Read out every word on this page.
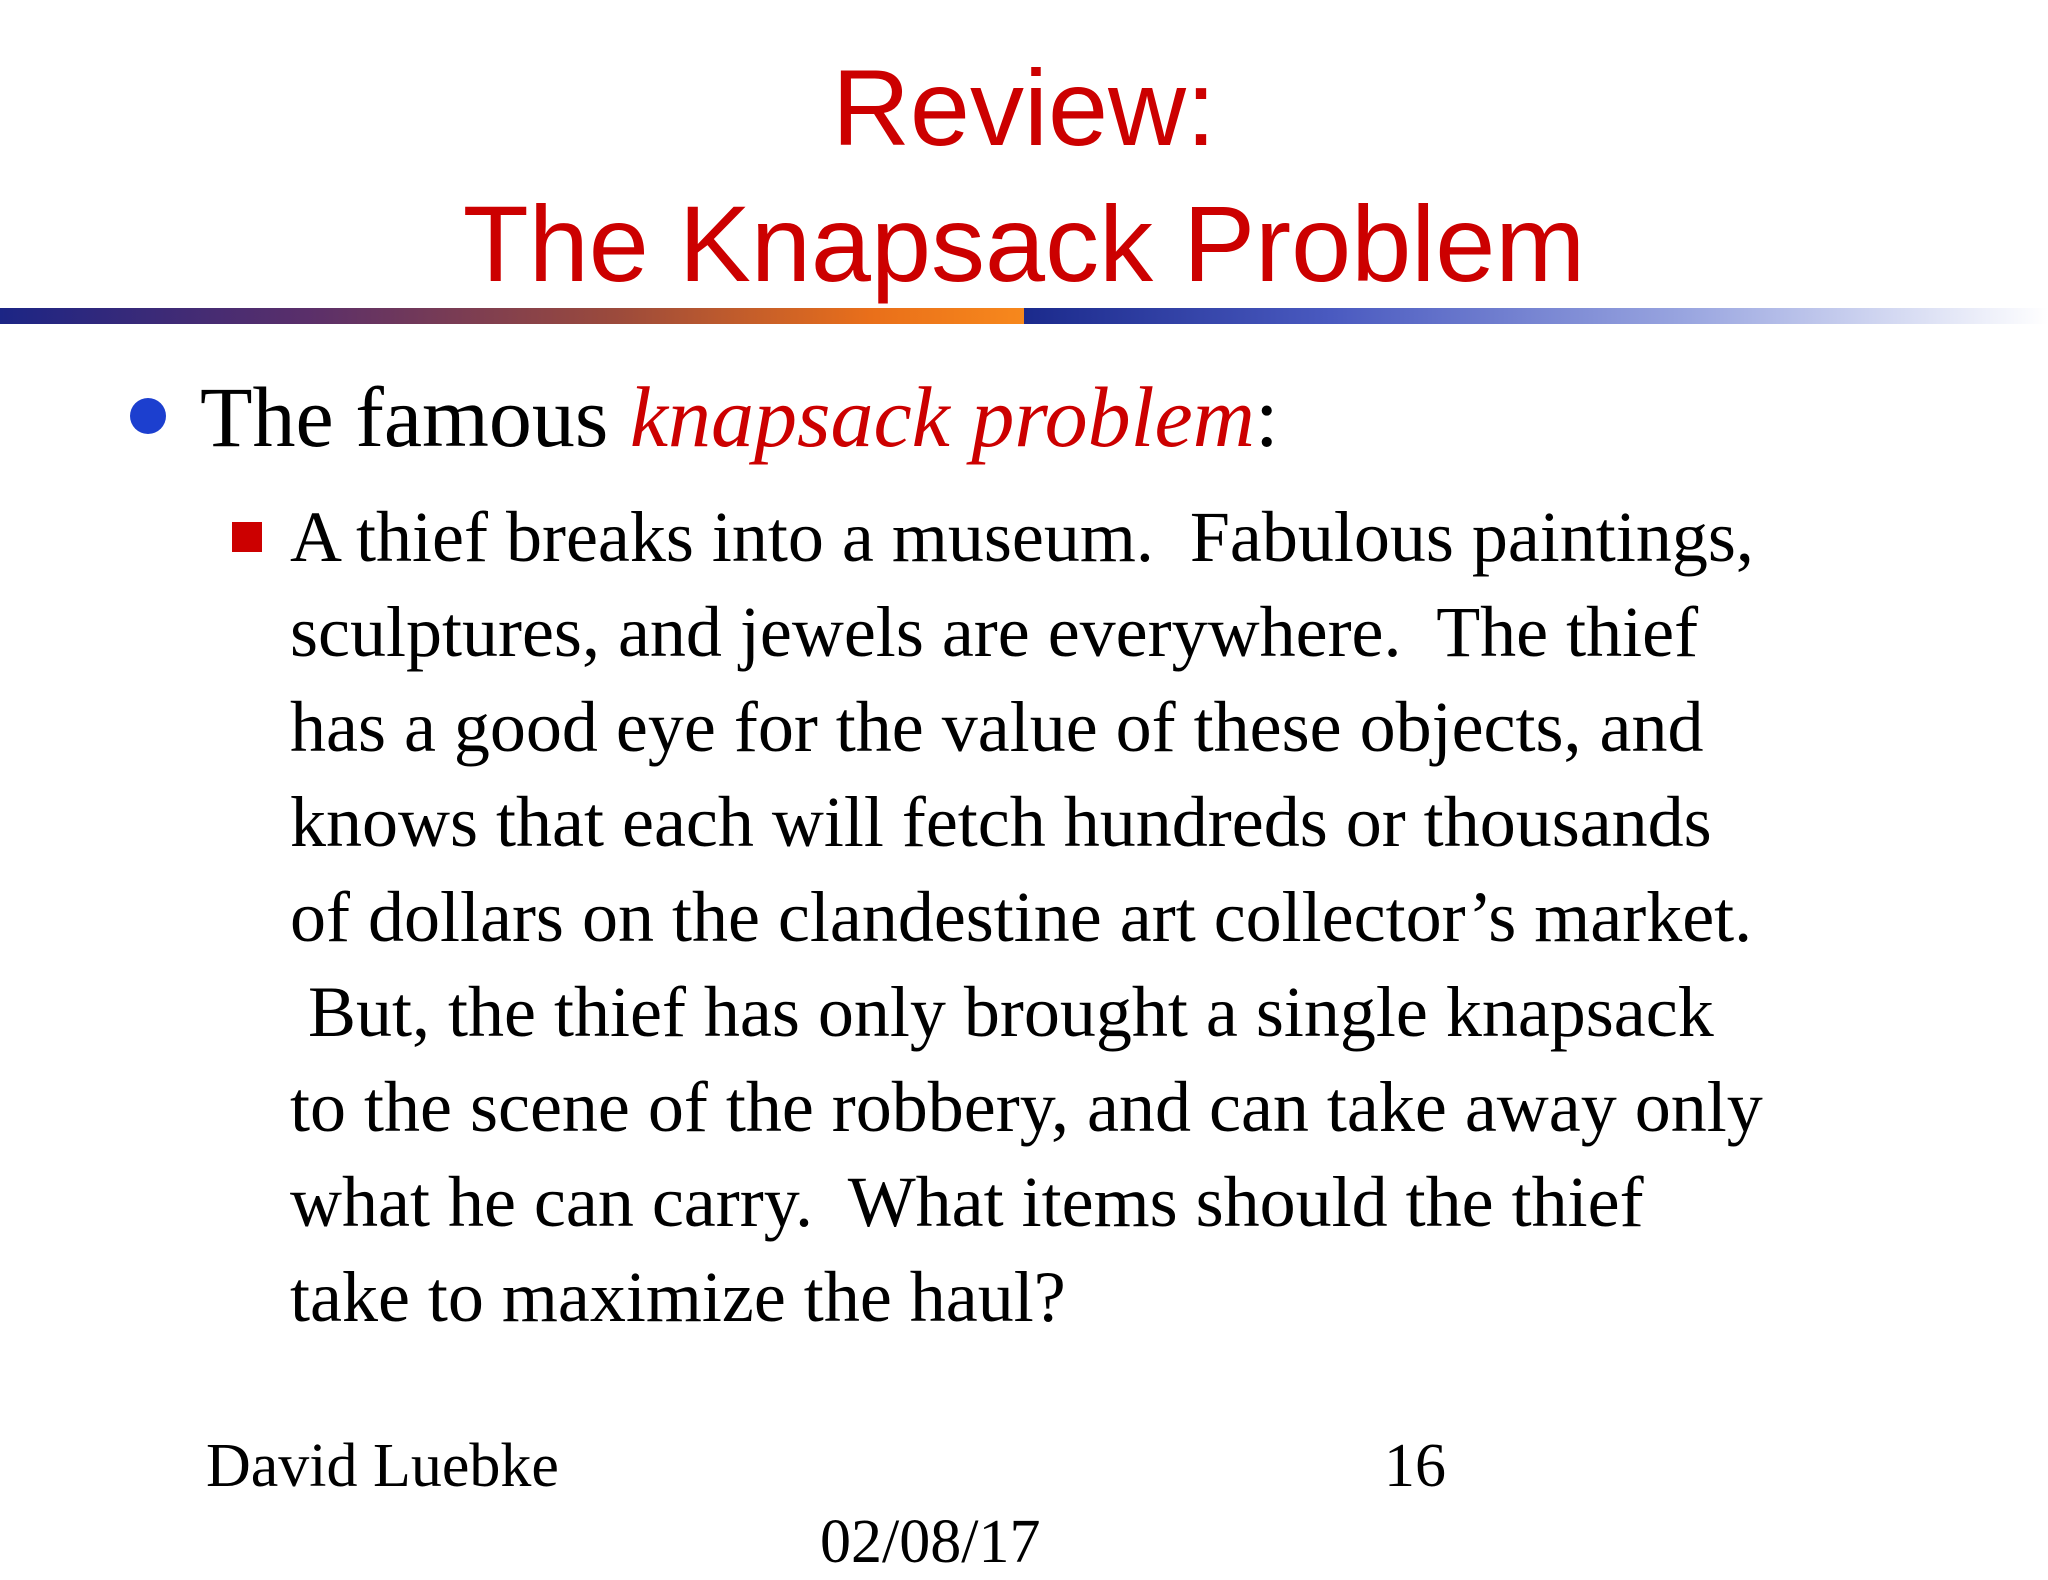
Review:
The Knapsack Problem
The famous knapsack problem:
A thief breaks into a museum.  Fabulous paintings,
sculptures, and jewels are everywhere.  The thief
has a good eye for the value of these objects, and
knows that each will fetch hundreds or thousands
of dollars on the clandestine art collector’s market.
But, the thief has only brought a single knapsack
to the scene of the robbery, and can take away only
what he can carry.  What items should the thief
take to maximize the haul?
David Luebke	16
02/08/17
